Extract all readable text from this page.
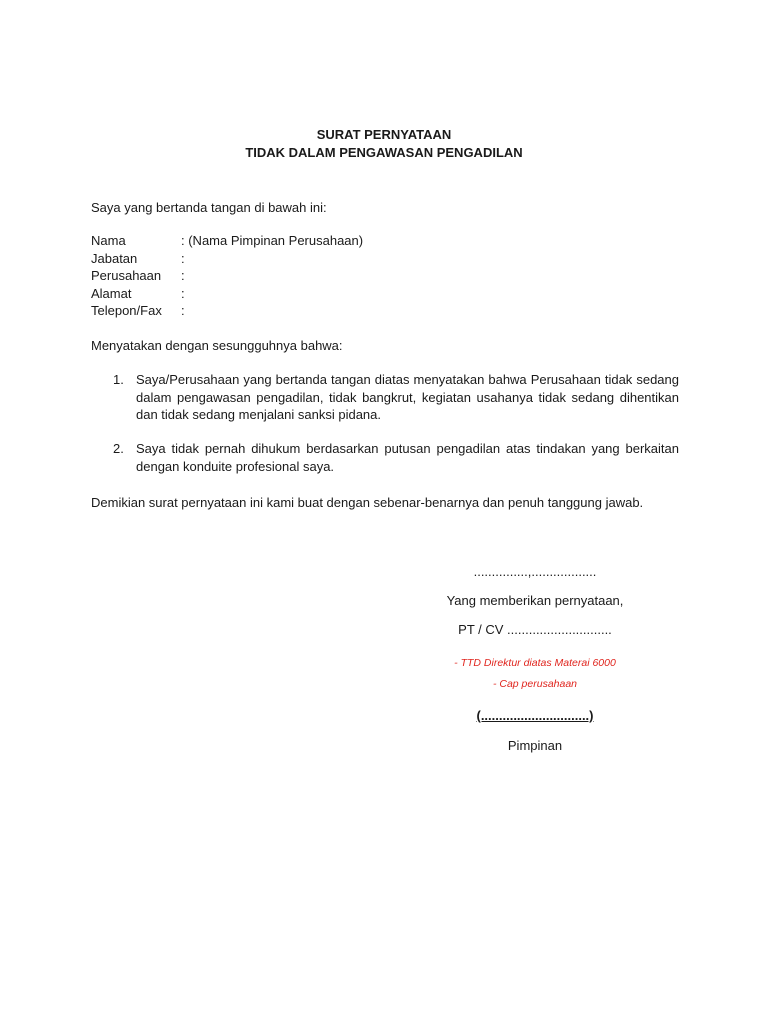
SURAT PERNYATAAN
TIDAK DALAM PENGAWASAN PENGADILAN
Saya yang bertanda tangan di bawah ini:
Nama	: (Nama Pimpinan Perusahaan)
Jabatan	:
Perusahaan	:
Alamat	:
Telepon/Fax	:
Menyatakan dengan sesungguhnya bahwa:
1. Saya/Perusahaan yang bertanda tangan diatas menyatakan bahwa Perusahaan tidak sedang dalam pengawasan pengadilan, tidak bangkrut, kegiatan usahanya tidak sedang dihentikan dan tidak sedang menjalani sanksi pidana.
2. Saya tidak pernah dihukum berdasarkan putusan pengadilan atas tindakan yang berkaitan dengan konduite profesional saya.
Demikian surat pernyataan ini kami buat dengan sebenar-benarnya dan penuh tanggung jawab.
...............,..................
Yang memberikan pernyataan,
PT / CV .............................
- TTD Direktur diatas Materai 6000
- Cap perusahaan
(..............................)
Pimpinan
